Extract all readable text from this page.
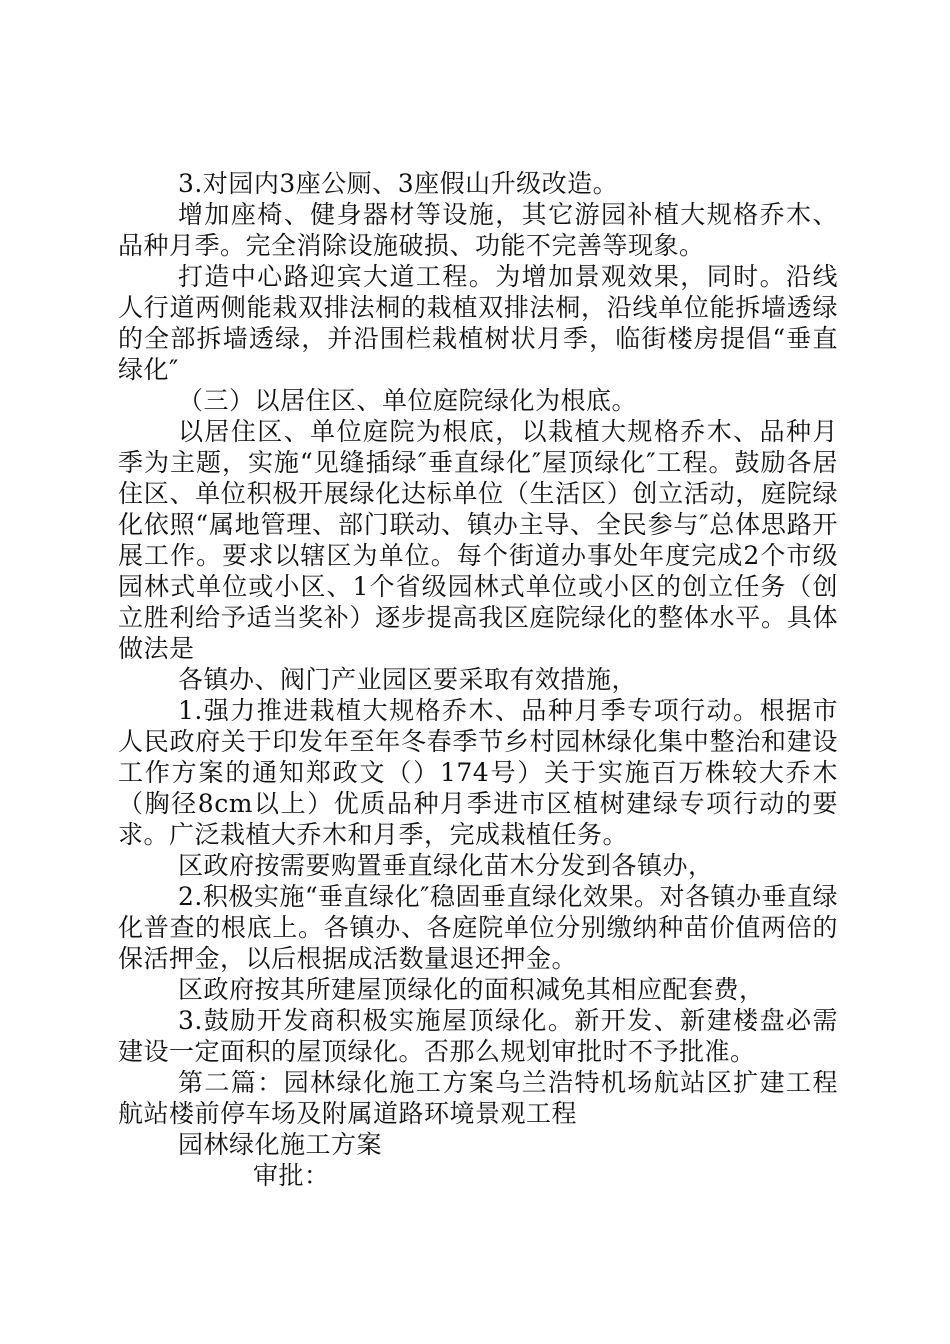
3.对园内3座公厕、3座假山升级改造。

增加座椅、健身器材等设施，其它游园补植大规格乔木、品种月季。完全消除设施破损、功能不完善等现象。

打造中心路迎宾大道工程。为增加景观效果，同时。沿线人行道两侧能栽双排法桐的栽植双排法桐，沿线单位能拆墙透绿的全部拆墙透绿，并沿围栏栽植树状月季，临街楼房提倡“垂直绿化″

（三）以居住区、单位庭院绿化为根底。

以居住区、单位庭院为根底，以栽植大规格乔木、品种月季为主题，实施“见缝插绿″垂直绿化″屋顶绿化″工程。鼓励各居住区、单位积极开展绿化达标单位（生活区）创立活动，庭院绿化依照“属地管理、部门联动、镇办主导、全民参与″总体思路开展工作。要求以辖区为单位。每个街道办事处年度完成2个市级园林式单位或小区、1个省级园林式单位或小区的创立任务（创立胜利给予适当奖补）逐步提高我区庭院绿化的整体水平。具体做法是

各镇办、阀门产业园区要采取有效措施，

1.强力推进栽植大规格乔木、品种月季专项行动。根据市人民政府关于印发年至年冬春季节乡村园林绿化集中整治和建设工作方案的通知郑政文（）174号）关于实施百万株较大乔木（胸径8cm以上）优质品种月季进市区植树建绿专项行动的要求。广泛栽植大乔木和月季，完成栽植任务。

区政府按需要购置垂直绿化苗木分发到各镇办，

2.积极实施“垂直绿化″稳固垂直绿化效果。对各镇办垂直绿化普查的根底上。各镇办、各庭院单位分别缴纳种苗价值两倍的保活押金，以后根据成活数量退还押金。

区政府按其所建屋顶绿化的面积减免其相应配套费，

3.鼓励开发商积极实施屋顶绿化。新开发、新建楼盘必需建设一定面积的屋顶绿化。否那么规划审批时不予批准。

第二篇：园林绿化施工方案乌兰浩特机场航站区扩建工程航站楼前停车场及附属道路环境景观工程

园林绿化施工方案

审批：
